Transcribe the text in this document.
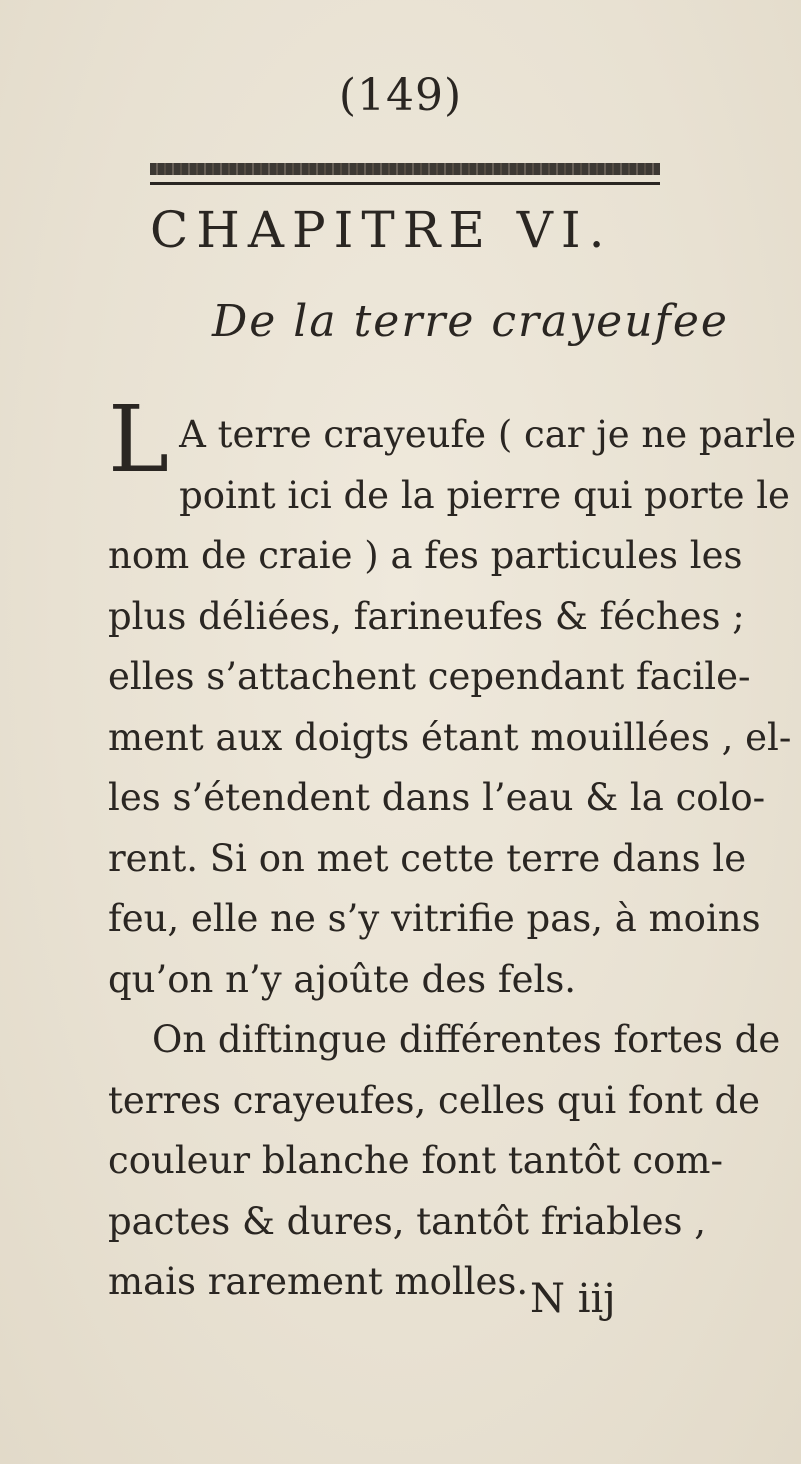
(149)
CHAPITRE VI.
De la terre crayeufee
L A terre crayeufe ( car je ne parle
point ici de la pierre qui porte le
nom de craie ) a fes particules les
plus déliées, farineufes & féches ;
elles s’attachent cependant facile-
ment aux doigts étant mouillées , el-
les s’étendent dans l’eau & la colo-
rent. Si on met cette terre dans le
feu, elle ne s’y vitrifie pas, à moins
qu’on n’y ajoûte des fels.
On diftingue différentes fortes de
terres crayeufes, celles qui font de
couleur blanche font tantôt com-
pactes & dures, tantôt friables ,
mais rarement molles. N iij
